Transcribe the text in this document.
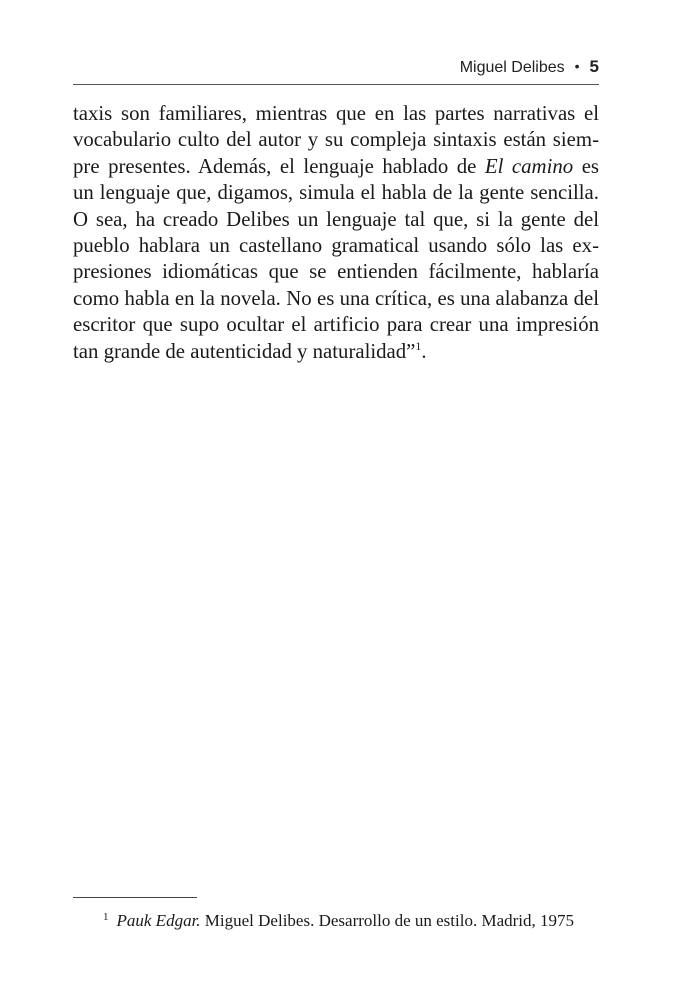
Miguel Delibes • 5
taxis son familiares, mientras que en las partes narrativas el
vocabulario culto del autor y su compleja sintaxis están siem-
pre presentes. Además, el lenguaje hablado de El camino es
un lenguaje que, digamos, simula el habla de la gente sencilla.
O sea, ha creado Delibes un lenguaje tal que, si la gente del
pueblo hablara un castellano gramatical usando sólo las ex-
presiones idiomáticas que se entienden fácilmente, hablaría
como habla en la novela. No es una crítica, es una alabanza del
escritor que supo ocultar el artificio para crear una impresión
tan grande de autenticidad y naturalidad”$^1$.
$^1$ Pauk Edgar. Miguel Delibes. Desarrollo de un estilo. Madrid, 1975
